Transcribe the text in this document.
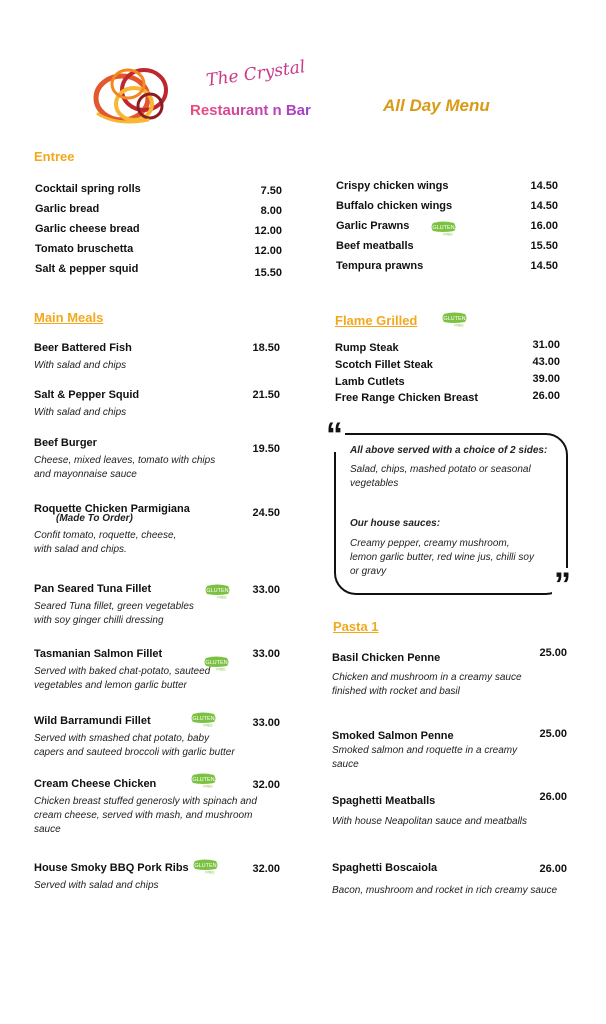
The Crystal
Restaurant n Bar	All Day Menu
Entree
Main Meals	Flame Grilled
“
”
All above served with a choice of 2 sides:
Salad, chips, mashed potato or seasonal
vegetables
Our house sauces:
Creamy pepper, creamy mushroom,
lemon garlic butter, red wine jus, chilli soy
or gravy
Pasta 1
Cocktail spring rolls	7.50
Garlic bread	8.00
Garlic cheese bread	12.00
Tomato bruschetta	12.00
Salt & pepper squid	15.50
Crispy chicken wings	14.50
Buffalo chicken wings	14.50
Garlic Prawns	16.00
Beef meatballs	15.50
Tempura prawns	14.50
GLUTEN
FREE
Beer Battered Fish	18.50
With salad and chips
Salt & Pepper Squid	21.50
With salad and chips
Beef Burger	19.50
Cheese, mixed leaves, tomato with chips
and mayonnaise sauce
Roquette Chicken Parmigiana	24.50
(Made To Order)
Confit tomato, roquette, cheese,
with salad and chips.
Pan Seared Tuna Fillet	33.00
Seared Tuna fillet, green vegetables
with soy ginger chilli dressing
GLUTEN
FREE
Tasmanian Salmon Fillet	33.00
Served with baked chat-potato, sauteed
vegetables and lemon garlic butter
GLUTEN
FREE
Wild Barramundi Fillet	33.00
Served with smashed chat potato, baby
capers and sauteed broccoli with garlic butter
GLUTEN
FREE
Cream Cheese Chicken	32.00
Chicken breast stuffed generosly with spinach and
cream cheese, served with mash, and mushroom
sauce
GLUTEN
FREE
House Smoky BBQ Pork Ribs	32.00
Served with salad and chips
GLUTEN
FREE
GLUTEN
FREE
Rump Steak	31.00
Scotch Fillet Steak	43.00
Lamb Cutlets	39.00
Free Range Chicken Breast	26.00
Basil Chicken Penne	25.00
Chicken and mushroom in a creamy sauce
finished with rocket and basil
Smoked Salmon Penne	25.00
Smoked salmon and roquette in a creamy
sauce
Spaghetti Meatballs	26.00
With house Neapolitan sauce and meatballs
Spaghetti Boscaiola	26.00
Bacon, mushroom and rocket in rich creamy sauce
